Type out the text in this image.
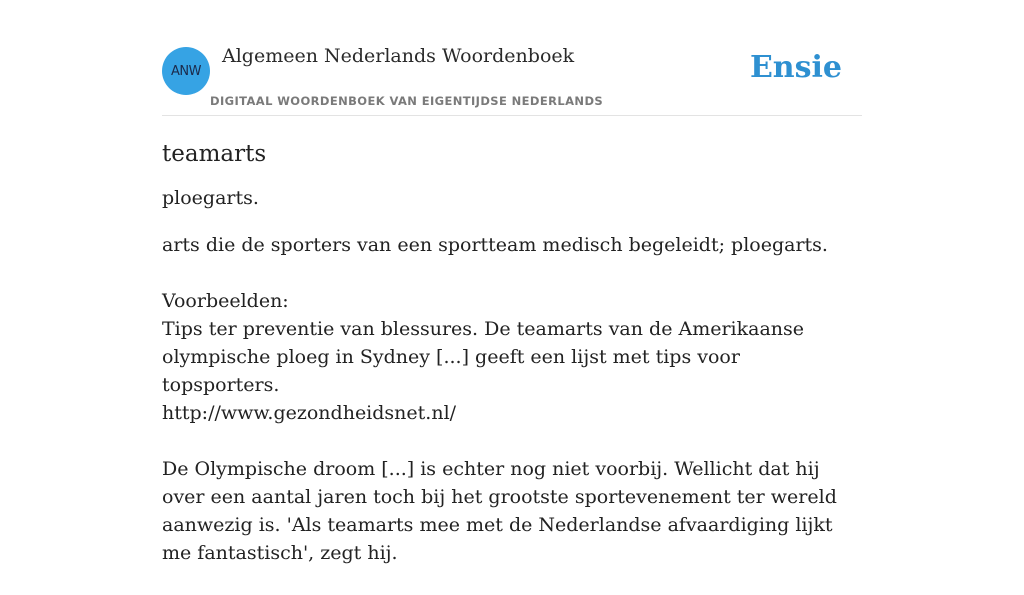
ANW
Algemeen Nederlands Woordenboek
DIGITAAL WOORDENBOEK VAN EIGENTIJDSE NEDERLANDS
Ensie
teamarts

ploegarts.

arts die de sporters van een sportteam medisch begeleidt; ploegarts.

Voorbeelden:

Tips ter preventie van blessures. De teamarts van de Amerikaanse olympische ploeg in Sydney [...] geeft een lijst met tips voor topsporters.
http://www.gezondheidsnet.nl/
De Olympische droom [...] is echter nog niet voorbij. Wellicht dat hij over een aantal jaren toch bij het grootste sportevenement ter wereld aanwezig is. 'Als teamarts mee met de Nederlandse afvaardiging lijkt me fantastisch', zegt hij.
